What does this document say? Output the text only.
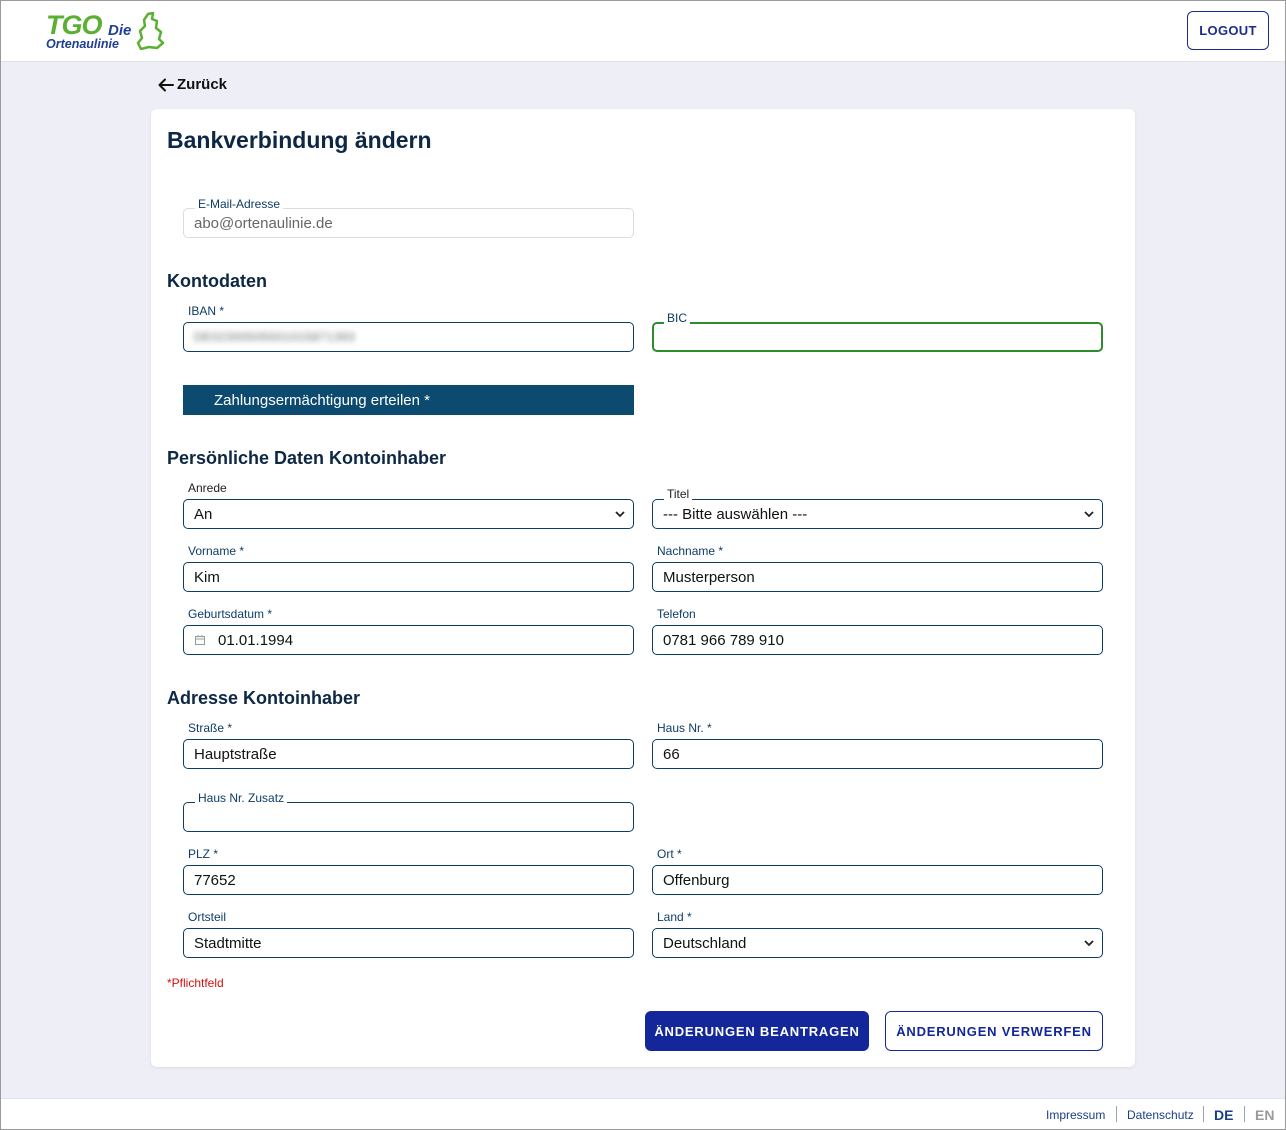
TGO Die
Ortenaulinie
LOGOUT
Zurück
Bankverbindung ändern
abo@ortenaulinie.de
E-Mail-Adresse
Kontodaten
IBAN *
DE02300505501015871393
BIC
Zahlungsermächtigung erteilen *
Persönliche Daten Kontoinhaber
Anrede
An	--- Bitte auswählen ---
Titel
Vorname *
Kim
Nachname *
Musterperson
Geburtsdatum *
01.01.1994
Telefon
0781 966 789 910
Adresse Kontoinhaber
Straße *
Hauptstraße
Haus Nr. *
66
Haus Nr. Zusatz
PLZ *
77652
Ort *
Offenburg
Ortsteil
Stadtmitte
Land *
Deutschland
*Pflichtfeld
ÄNDERUNGEN BEANTRAGEN	ÄNDERUNGEN VERWERFEN
Impressum Datenschutz DE EN
